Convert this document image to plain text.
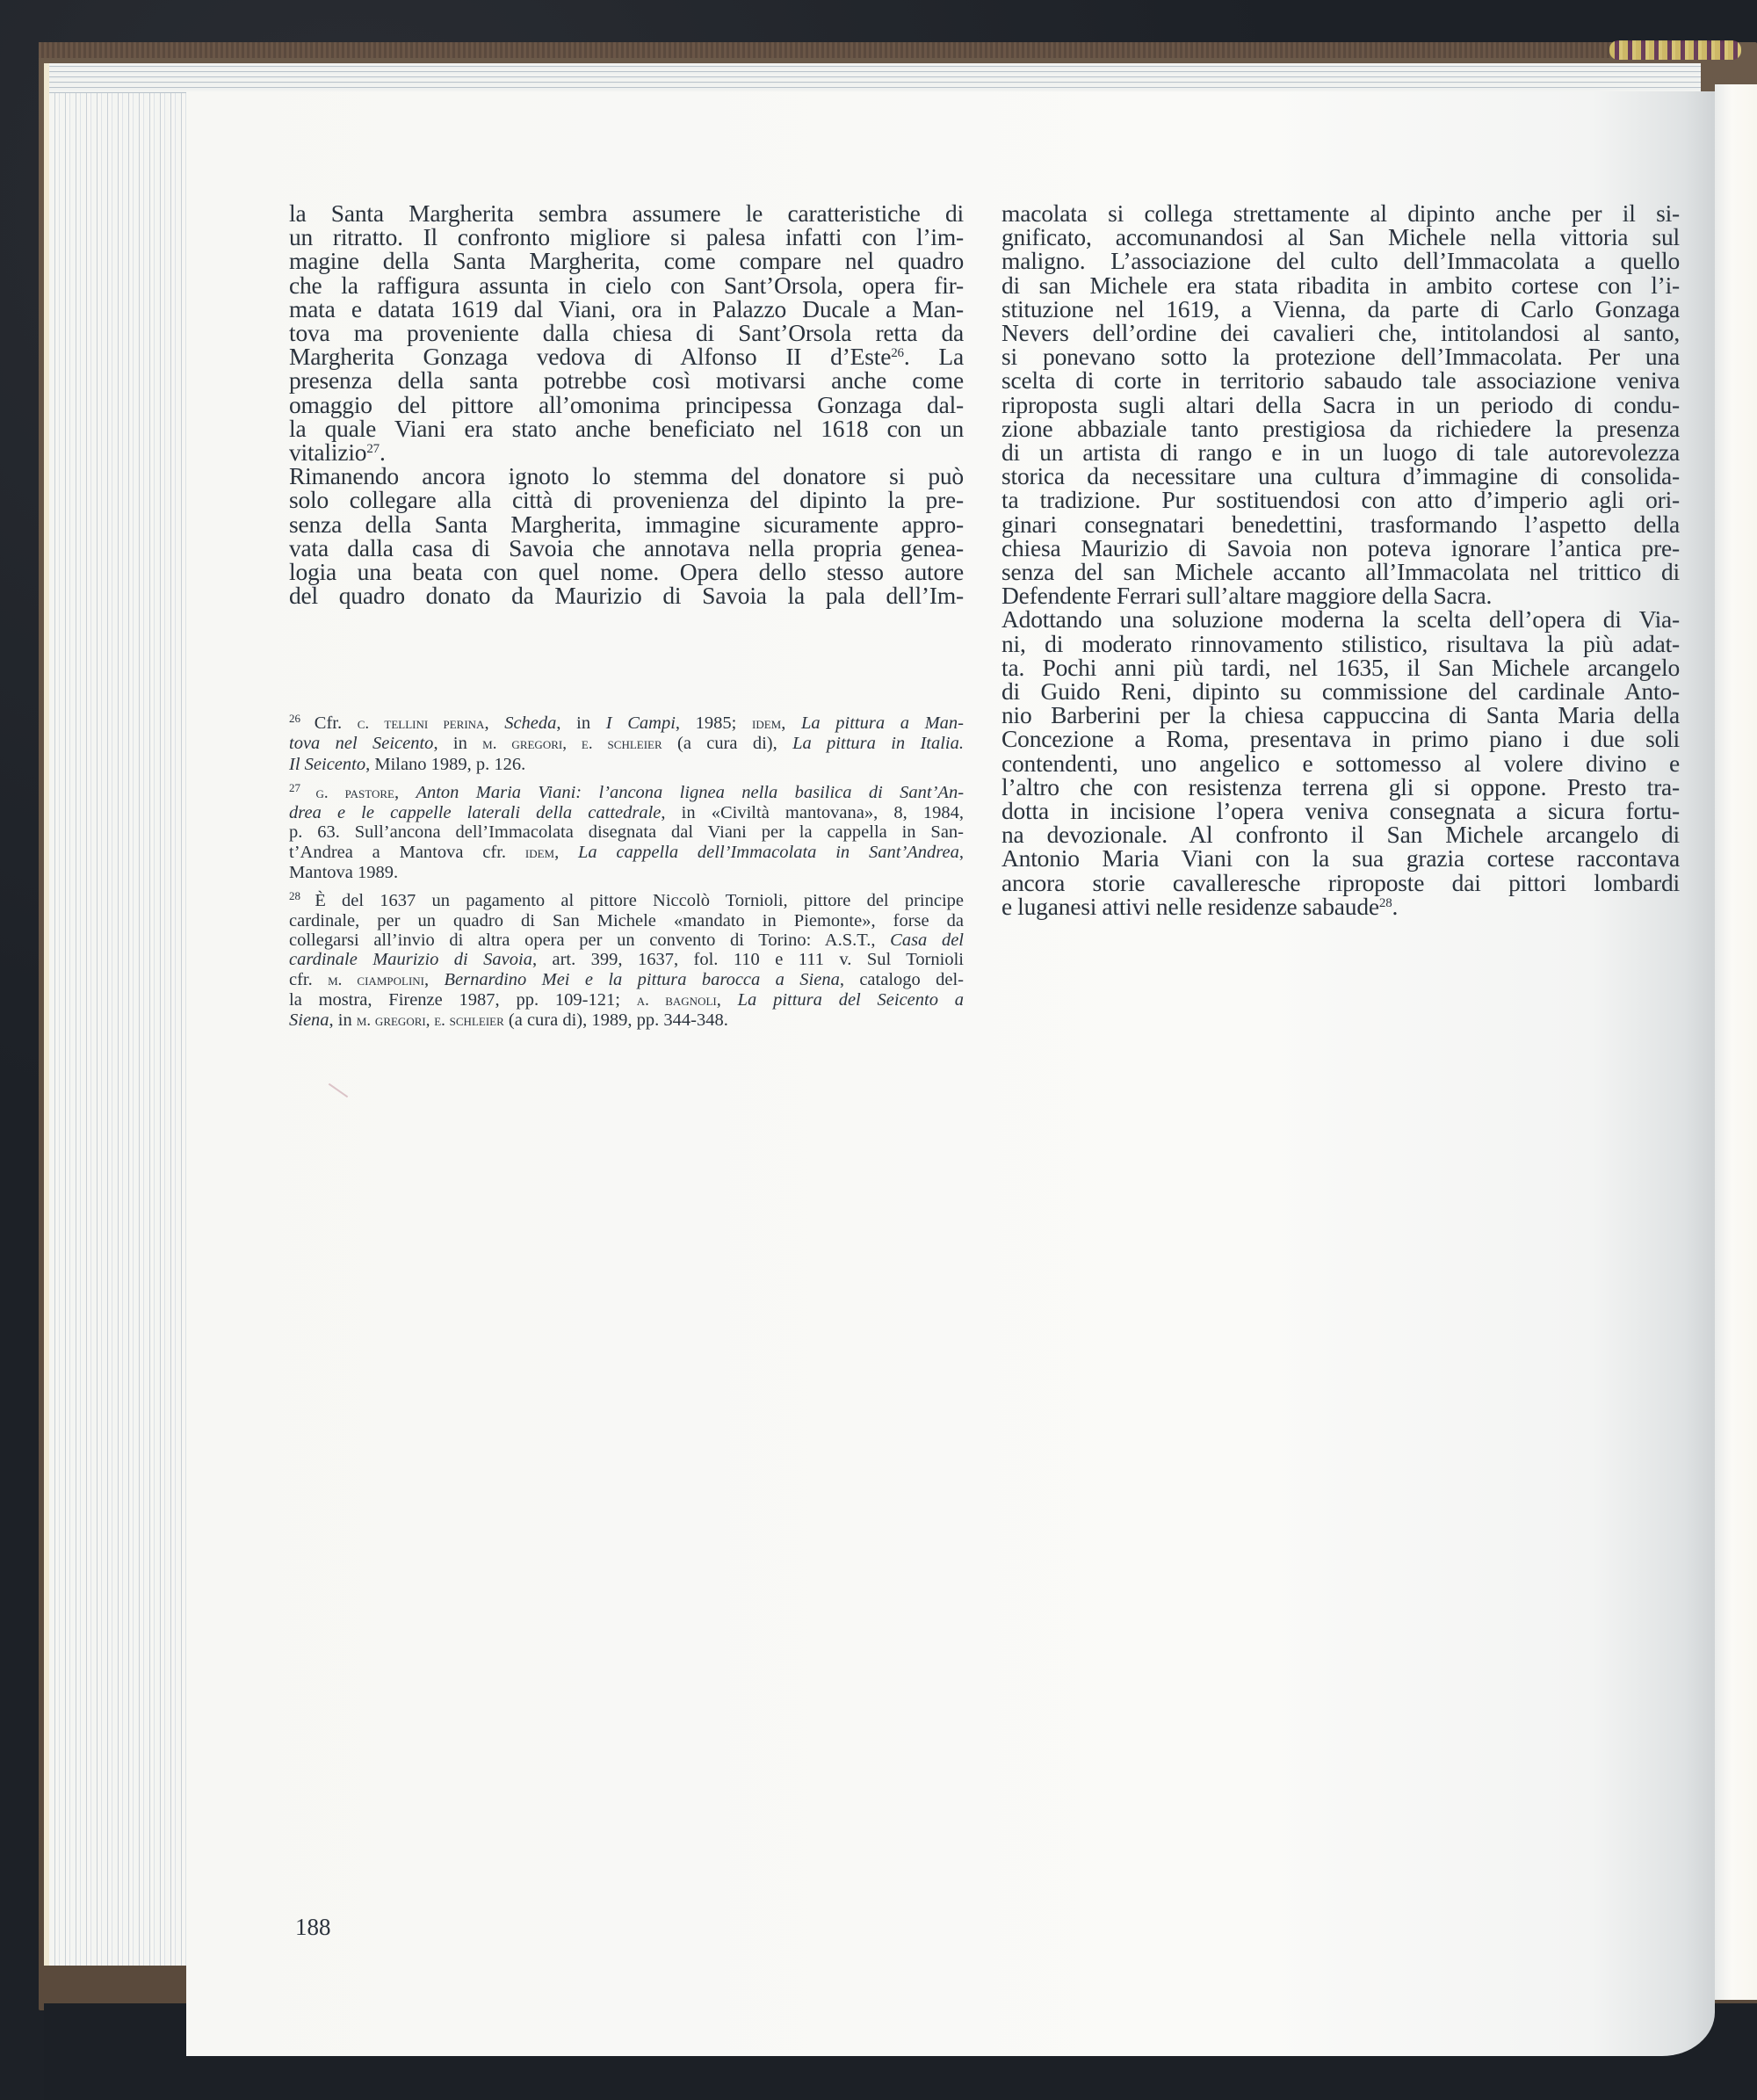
la Santa Margherita sembra assumere le caratteristiche di
un ritratto. Il confronto migliore si palesa infatti con l’im-
magine della Santa Margherita, come compare nel quadro
che la raffigura assunta in cielo con Sant’Orsola, opera fir-
mata e datata 1619 dal Viani, ora in Palazzo Ducale a Man-
tova ma proveniente dalla chiesa di Sant’Orsola retta da
Margherita Gonzaga vedova di Alfonso II d’Este$^{26}$. La
presenza della santa potrebbe così motivarsi anche come
omaggio del pittore all’omonima principessa Gonzaga dal-
la quale Viani era stato anche beneficiato nel 1618 con un
vitalizio$^{27}$.
Rimanendo ancora ignoto lo stemma del donatore si può
solo collegare alla città di provenienza del dipinto la pre-
senza della Santa Margherita, immagine sicuramente appro-
vata dalla casa di Savoia che annotava nella propria genea-
logia una beata con quel nome. Opera dello stesso autore
del quadro donato da Maurizio di Savoia la pala dell’Im-
$^{26}$ Cfr. c. tellini perina, Scheda, in I Campi, 1985; idem, La pittura a Man-
tova nel Seicento, in m. gregori, e. schleier (a cura di), La pittura in Italia.
Il Seicento, Milano 1989, p. 126.
$^{27}$ g. pastore, Anton Maria Viani: l’ancona lignea nella basilica di Sant’An-
drea e le cappelle laterali della cattedrale, in «Civiltà mantovana», 8, 1984,
p. 63. Sull’ancona dell’Immacolata disegnata dal Viani per la cappella in San-
t’Andrea a Mantova cfr. idem, La cappella dell’Immacolata in Sant’Andrea,
Mantova 1989.
$^{28}$ È del 1637 un pagamento al pittore Niccolò Tornioli, pittore del principe
cardinale, per un quadro di San Michele «mandato in Piemonte», forse da
collegarsi all’invio di altra opera per un convento di Torino: A.S.T., Casa del
cardinale Maurizio di Savoia, art. 399, 1637, fol. 110 e 111 v. Sul Tornioli
cfr. m. ciampolini, Bernardino Mei e la pittura barocca a Siena, catalogo del-
la mostra, Firenze 1987, pp. 109-121; a. bagnoli, La pittura del Seicento a
Siena, in m. gregori, e. schleier (a cura di), 1989, pp. 344-348.
macolata si collega strettamente al dipinto anche per il si-
gnificato, accomunandosi al San Michele nella vittoria sul
maligno. L’associazione del culto dell’Immacolata a quello
di san Michele era stata ribadita in ambito cortese con l’i-
stituzione nel 1619, a Vienna, da parte di Carlo Gonzaga
Nevers dell’ordine dei cavalieri che, intitolandosi al santo,
si ponevano sotto la protezione dell’Immacolata. Per una
scelta di corte in territorio sabaudo tale associazione veniva
riproposta sugli altari della Sacra in un periodo di condu-
zione abbaziale tanto prestigiosa da richiedere la presenza
di un artista di rango e in un luogo di tale autorevolezza
storica da necessitare una cultura d’immagine di consolida-
ta tradizione. Pur sostituendosi con atto d’imperio agli ori-
ginari consegnatari benedettini, trasformando l’aspetto della
chiesa Maurizio di Savoia non poteva ignorare l’antica pre-
senza del san Michele accanto all’Immacolata nel trittico di
Defendente Ferrari sull’altare maggiore della Sacra.
Adottando una soluzione moderna la scelta dell’opera di Via-
ni, di moderato rinnovamento stilistico, risultava la più adat-
ta. Pochi anni più tardi, nel 1635, il San Michele arcangelo
di Guido Reni, dipinto su commissione del cardinale Anto-
nio Barberini per la chiesa cappuccina di Santa Maria della
Concezione a Roma, presentava in primo piano i due soli
contendenti, uno angelico e sottomesso al volere divino e
l’altro che con resistenza terrena gli si oppone. Presto tra-
dotta in incisione l’opera veniva consegnata a sicura fortu-
na devozionale. Al confronto il San Michele arcangelo di
Antonio Maria Viani con la sua grazia cortese raccontava
ancora storie cavalleresche riproposte dai pittori lombardi
e luganesi attivi nelle residenze sabaude$^{28}$.
188
